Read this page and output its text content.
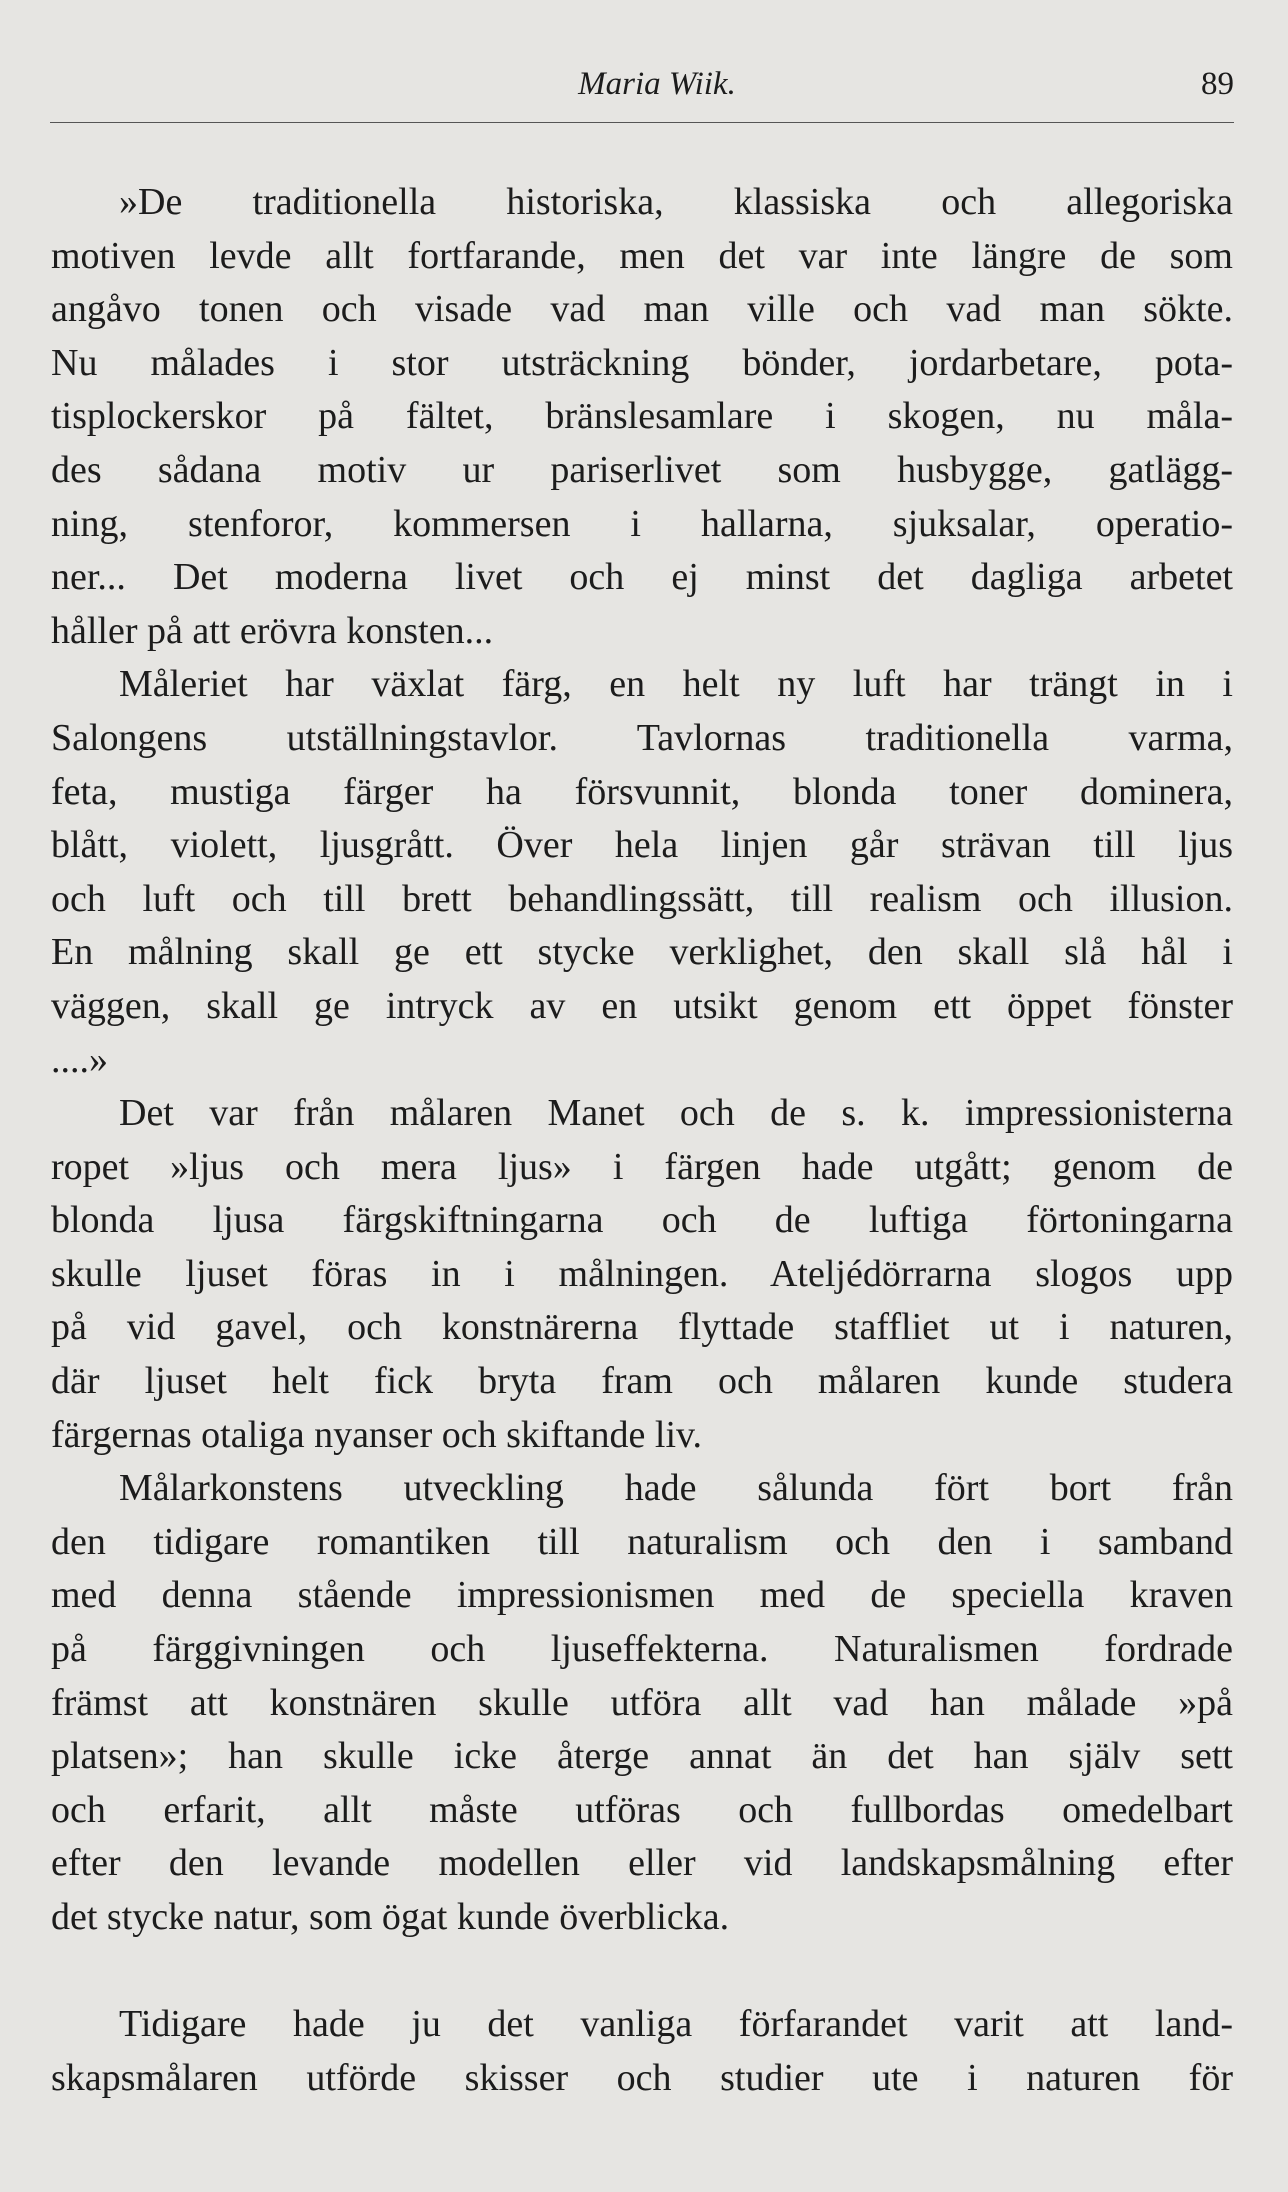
Maria Wiik.	89
»De traditionella historiska, klassiska och allegoriska
motiven levde allt fortfarande, men det var inte längre de som
angåvo tonen och visade vad man ville och vad man sökte.
Nu målades i stor utsträckning bönder, jordarbetare, pota-
tisplockerskor på fältet, bränslesamlare i skogen, nu måla-
des sådana motiv ur pariserlivet som husbygge, gatlägg-
ning, stenforor, kommersen i hallarna, sjuksalar, operatio-
ner... Det moderna livet och ej minst det dagliga arbetet
håller på att erövra konsten...
Måleriet har växlat färg, en helt ny luft har trängt in i
Salongens utställningstavlor. Tavlornas traditionella varma,
feta, mustiga färger ha försvunnit, blonda toner dominera,
blått, violett, ljusgrått. Över hela linjen går strävan till ljus
och luft och till brett behandlingssätt, till realism och illusion.
En målning skall ge ett stycke verklighet, den skall slå hål i
väggen, skall ge intryck av en utsikt genom ett öppet fönster
....»
Det var från målaren Manet och de s. k. impressionisterna
ropet »ljus och mera ljus» i färgen hade utgått; genom de
blonda ljusa färgskiftningarna och de luftiga förtoningarna
skulle ljuset föras in i målningen. Ateljédörrarna slogos upp
på vid gavel, och konstnärerna flyttade staffliet ut i naturen,
där ljuset helt fick bryta fram och målaren kunde studera
färgernas otaliga nyanser och skiftande liv.
Målarkonstens utveckling hade sålunda fört bort från
den tidigare romantiken till naturalism och den i samband
med denna stående impressionismen med de speciella kraven
på färggivningen och ljuseffekterna. Naturalismen fordrade
främst att konstnären skulle utföra allt vad han målade »på
platsen»; han skulle icke återge annat än det han själv sett
och erfarit, allt måste utföras och fullbordas omedelbart
efter den levande modellen eller vid landskapsmålning efter
det stycke natur, som ögat kunde överblicka.
Tidigare hade ju det vanliga förfarandet varit att land-
skapsmålaren utförde skisser och studier ute i naturen för
